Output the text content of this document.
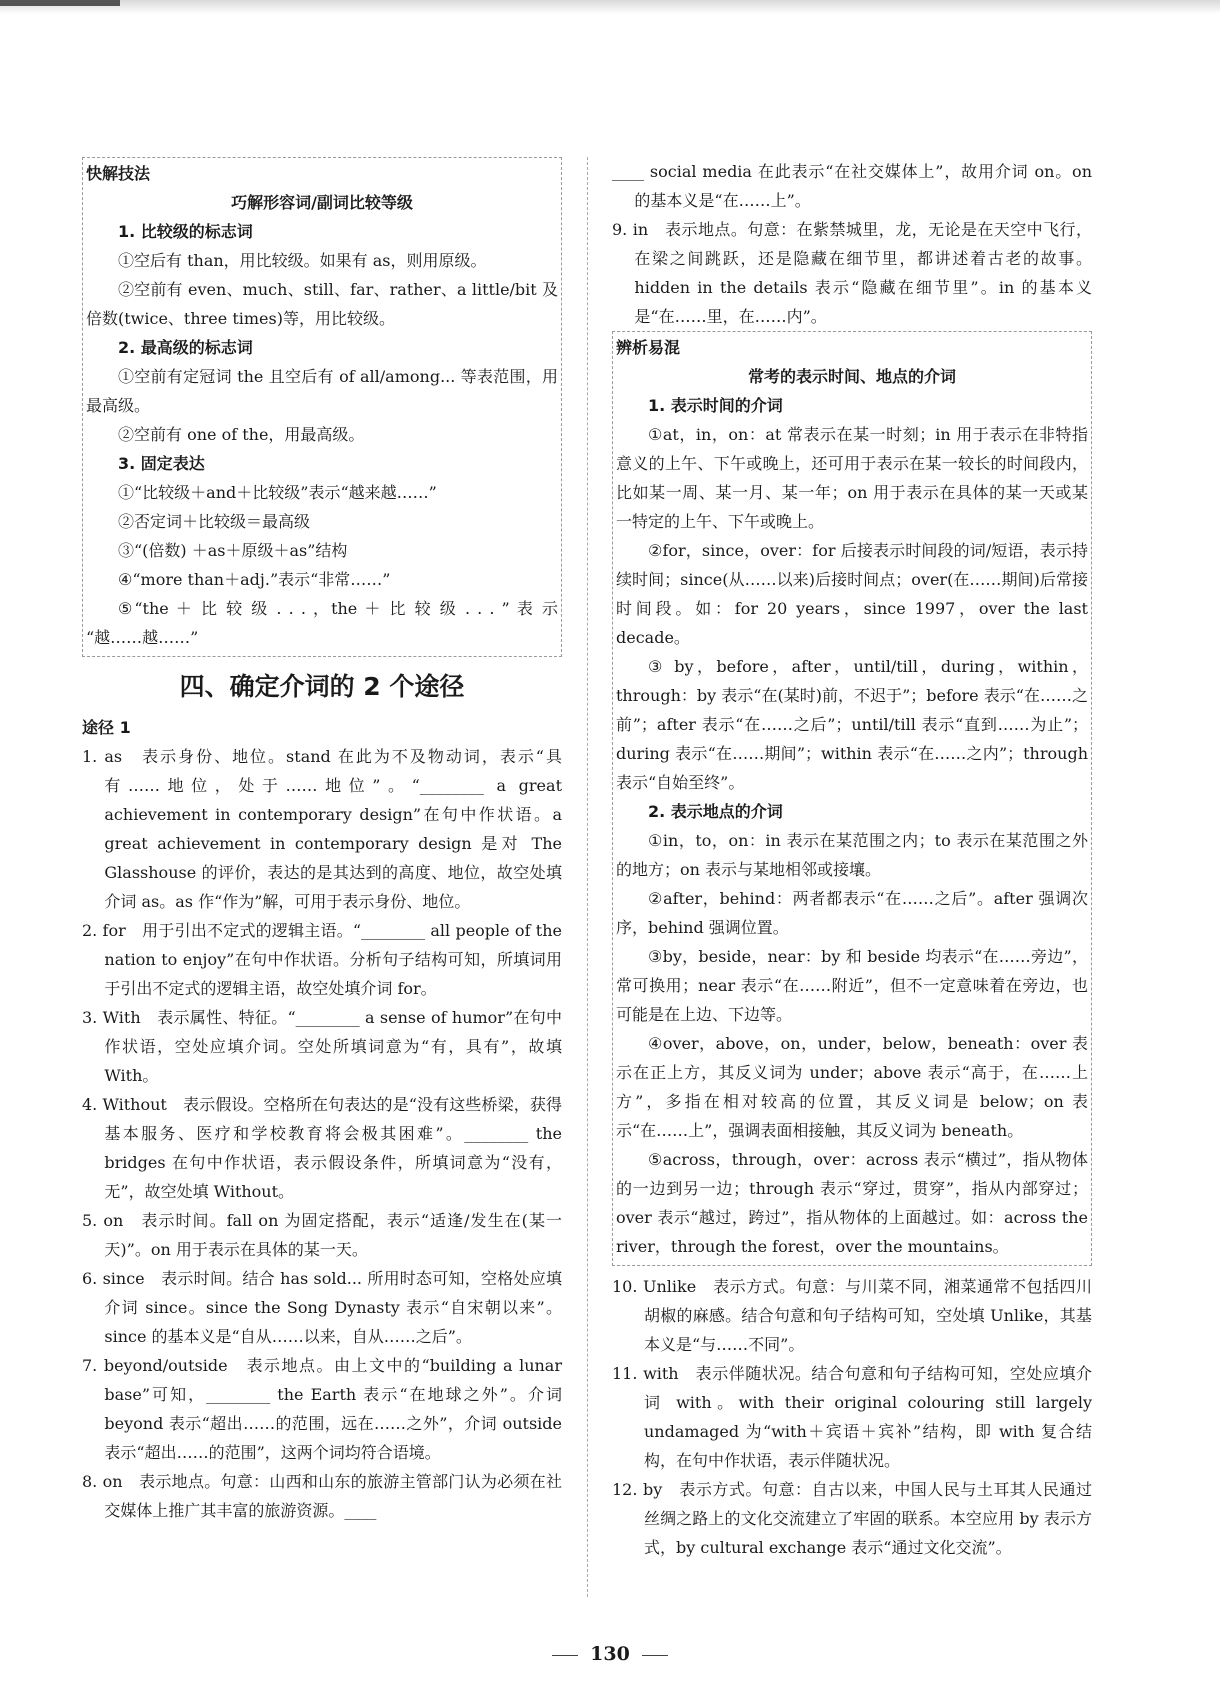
快解技法
巧解形容词/副词比较等级
1. 比较级的标志词
①空后有 than，用比较级。如果有 as，则用原级。
②空前有 even、much、still、far、rather、a little/bit 及倍数(twice、three times)等，用比较级。
2. 最高级的标志词
①空前有定冠词 the 且空后有 of all/among... 等表范围，用最高级。
②空前有 one of the，用最高级。
3. 固定表达
①“比较级＋and＋比较级”表示“越来越……”
②否定词＋比较级＝最高级
③“(倍数) ＋as＋原级＋as”结构
④“more than＋adj.”表示“非常……”
⑤“the ＋ 比 较 级 . . . ，the ＋ 比 较 级 . . . ” 表 示 “越……越……”
四、确定介词的 2 个途径
途径 1
1. as　表示身份、地位。stand 在此为不及物动词，表示“具有……地位，处于……地位”。“________ a great achievement in contemporary design”在句中作状语。a great achievement in contemporary design 是对 The Glasshouse 的评价，表达的是其达到的高度、地位，故空处填介词 as。as 作“作为”解，可用于表示身份、地位。
2. for　用于引出不定式的逻辑主语。“________ all people of the nation to enjoy”在句中作状语。分析句子结构可知，所填词用于引出不定式的逻辑主语，故空处填介词 for。
3. With　表示属性、特征。“________ a sense of humor”在句中作状语，空处应填介词。空处所填词意为“有，具有”，故填 With。
4. Without　表示假设。空格所在句表达的是“没有这些桥梁，获得基本服务、医疗和学校教育将会极其困难”。________ the bridges 在句中作状语，表示假设条件，所填词意为“没有，无”，故空处填 Without。
5. on　表示时间。fall on 为固定搭配，表示“适逢/发生在(某一天)”。on 用于表示在具体的某一天。
6. since　表示时间。结合 has sold... 所用时态可知，空格处应填介词 since。since the Song Dynasty 表示“自宋朝以来”。since 的基本义是“自从……以来，自从……之后”。
7. beyond/outside　表示地点。由上文中的“building a lunar base”可知，________ the Earth 表示“在地球之外”。介词 beyond 表示“超出……的范围，远在……之外”，介词 outside 表示“超出……的范围”，这两个词均符合语境。
8. on　表示地点。句意：山西和山东的旅游主管部门认为必须在社交媒体上推广其丰富的旅游资源。____
____ social media 在此表示“在社交媒体上”，故用介词 on。on 的基本义是“在……上”。
9. in　表示地点。句意：在紫禁城里，龙，无论是在天空中飞行，在梁之间跳跃，还是隐藏在细节里，都讲述着古老的故事。hidden in the details 表示“隐藏在细节里”。in 的基本义是“在……里，在……内”。
辨析易混
常考的表示时间、地点的介词
1. 表示时间的介词
①at，in，on：at 常表示在某一时刻；in 用于表示在非特指意义的上午、下午或晚上，还可用于表示在某一较长的时间段内，比如某一周、某一月、某一年；on 用于表示在具体的某一天或某一特定的上午、下午或晚上。
②for，since，over：for 后接表示时间段的词/短语，表示持续时间；since(从……以来)后接时间点；over(在……期间)后常接时间段。如：for 20 years，since 1997，over the last decade。
③ by，before，after，until/till，during，within，through：by 表示“在(某时)前，不迟于”；before 表示“在……之前”；after 表示“在……之后”；until/till 表示“直到……为止”；during 表示“在……期间”；within 表示“在……之内”；through 表示“自始至终”。
2. 表示地点的介词
①in，to，on：in 表示在某范围之内；to 表示在某范围之外的地方；on 表示与某地相邻或接壤。
②after，behind：两者都表示“在……之后”。after 强调次序，behind 强调位置。
③by，beside，near：by 和 beside 均表示“在……旁边”，常可换用；near 表示“在……附近”，但不一定意味着在旁边，也可能是在上边、下边等。
④over，above，on，under，below，beneath：over 表示在正上方，其反义词为 under；above 表示“高于，在……上方”，多指在相对较高的位置，其反义词是 below；on 表示“在……上”，强调表面相接触，其反义词为 beneath。
⑤across，through，over：across 表示“横过”，指从物体的一边到另一边；through 表示“穿过，贯穿”，指从内部穿过；over 表示“越过，跨过”，指从物体的上面越过。如：across the river，through the forest，over the mountains。
10. Unlike　表示方式。句意：与川菜不同，湘菜通常不包括四川胡椒的麻感。结合句意和句子结构可知，空处填 Unlike，其基本义是“与……不同”。
11. with　表示伴随状况。结合句意和句子结构可知，空处应填介词 with。with their original colouring still largely undamaged 为“with＋宾语＋宾补”结构，即 with 复合结构，在句中作状语，表示伴随状况。
12. by　表示方式。句意：自古以来，中国人民与土耳其人民通过丝绸之路上的文化交流建立了牢固的联系。本空应用 by 表示方式，by cultural exchange 表示“通过文化交流”。
130
